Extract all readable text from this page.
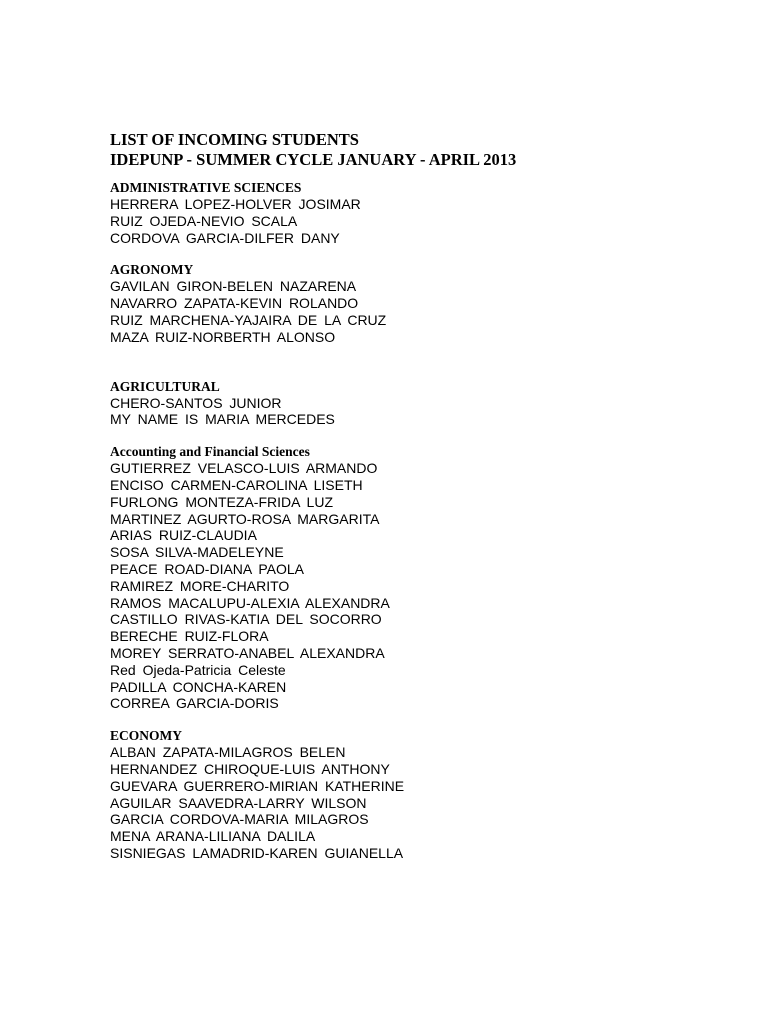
LIST OF INCOMING STUDENTS
IDEPUNP - SUMMER CYCLE JANUARY - APRIL 2013
ADMINISTRATIVE SCIENCES
HERRERA LOPEZ-HOLVER JOSIMAR
RUIZ OJEDA-NEVIO SCALA
CORDOVA GARCIA-DILFER DANY
AGRONOMY
GAVILAN GIRON-BELEN NAZARENA
NAVARRO ZAPATA-KEVIN ROLANDO
RUIZ MARCHENA-YAJAIRA DE LA CRUZ
MAZA RUIZ-NORBERTH ALONSO
AGRICULTURAL
CHERO-SANTOS JUNIOR
MY NAME IS MARIA MERCEDES
Accounting and Financial Sciences
GUTIERREZ VELASCO-LUIS ARMANDO
ENCISO CARMEN-CAROLINA LISETH
FURLONG MONTEZA-FRIDA LUZ
MARTINEZ AGURTO-ROSA MARGARITA
ARIAS RUIZ-CLAUDIA
SOSA SILVA-MADELEYNE
PEACE ROAD-DIANA PAOLA
RAMIREZ MORE-CHARITO
RAMOS MACALUPU-ALEXIA ALEXANDRA
CASTILLO RIVAS-KATIA DEL SOCORRO
BERECHE RUIZ-FLORA
MOREY SERRATO-ANABEL ALEXANDRA
Red Ojeda-Patricia Celeste
PADILLA CONCHA-KAREN
CORREA GARCIA-DORIS
ECONOMY
ALBAN ZAPATA-MILAGROS BELEN
HERNANDEZ CHIROQUE-LUIS ANTHONY
GUEVARA GUERRERO-MIRIAN KATHERINE
AGUILAR SAAVEDRA-LARRY WILSON
GARCIA CORDOVA-MARIA MILAGROS
MENA ARANA-LILIANA DALILA
SISNIEGAS LAMADRID-KAREN GUIANELLA
